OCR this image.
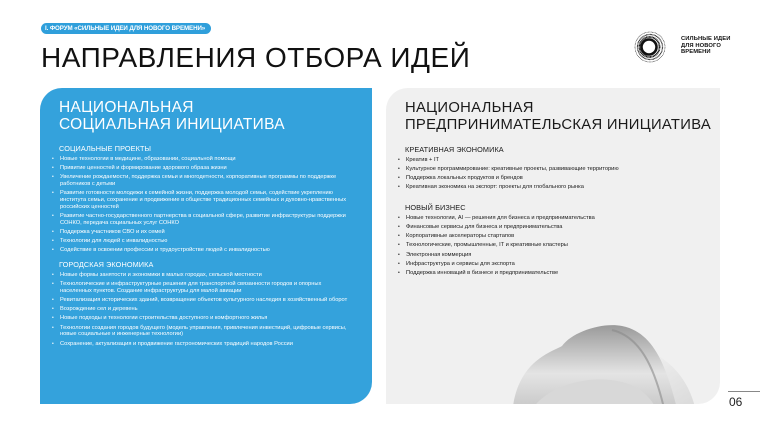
I. ФОРУМ «СИЛЬНЫЕ ИДЕИ ДЛЯ НОВОГО ВРЕМЕНИ»
НАПРАВЛЕНИЯ ОТБОРА ИДЕЙ
СИЛЬНЫЕ ИДЕИ
ДЛЯ НОВОГО
ВРЕМЕНИ
НАЦИОНАЛЬНАЯ
СОЦИАЛЬНАЯ ИНИЦИАТИВА
СОЦИАЛЬНЫЕ ПРОЕКТЫ
• Новые технологии в медицине, образовании, социальной помощи
• Привитие ценностей и формирование здорового образа жизни
• Увеличение рождаемости, поддержка семьи и многодетности, корпоративные программы по поддержке работников с детьми
• Развитие готовности молодежи к семейной жизни, поддержка молодой семьи, содействие укреплению института семьи, сохранение и продвижение в обществе традиционных семейных и духовно-нравственных российских ценностей
• Развитие частно-государственного партнерства в социальной сфере, развитие инфраструктуры поддержки СОНКО, передача социальных услуг СОНКО
• Поддержка участников СВО и их семей
• Технологии для людей с инвалидностью
• Содействие в освоении профессии и трудоустройстве людей с инвалидностью
ГОРОДСКАЯ ЭКОНОМИКА
• Новые формы занятости и экономики в малых городах, сельской местности
• Технологические и инфраструктурные решения для транспортной связанности городов и опорных населенных пунктов. Создание инфраструктуры для малой авиации
• Ревитализация исторических зданий, возвращение объектов культурного наследия в хозяйственный оборот
• Возрождение сел и деревень
• Новые подходы и технологии строительства доступного и комфортного жилья
• Технологии создания городов будущего (модель управления, привлечения инвестиций, цифровые сервисы, новые социальные и инженерные технологии)
• Сохранение, актуализация и продвижение гастрономических традиций народов России
НАЦИОНАЛЬНАЯ
ПРЕДПРИНИМАТЕЛЬСКАЯ ИНИЦИАТИВА
КРЕАТИВНАЯ ЭКОНОМИКА
• Креатив + IT
• Культурное программирование: креативные проекты, развивающие территорию
• Поддержка локальных продуктов и брендов
• Креативная экономика на экспорт: проекты для глобального рынка
НОВЫЙ БИЗНЕС
• Новые технологии, AI — решения для бизнеса и предпринимательства
• Финансовые сервисы для бизнеса и предпринимательства
• Корпоративные акселераторы стартапов
• Технологические, промышленные, IT и креативные кластеры
• Электронная коммерция
• Инфраструктура и сервисы для экспорта
• Поддержка инноваций в бизнесе и предпринимательстве
06
